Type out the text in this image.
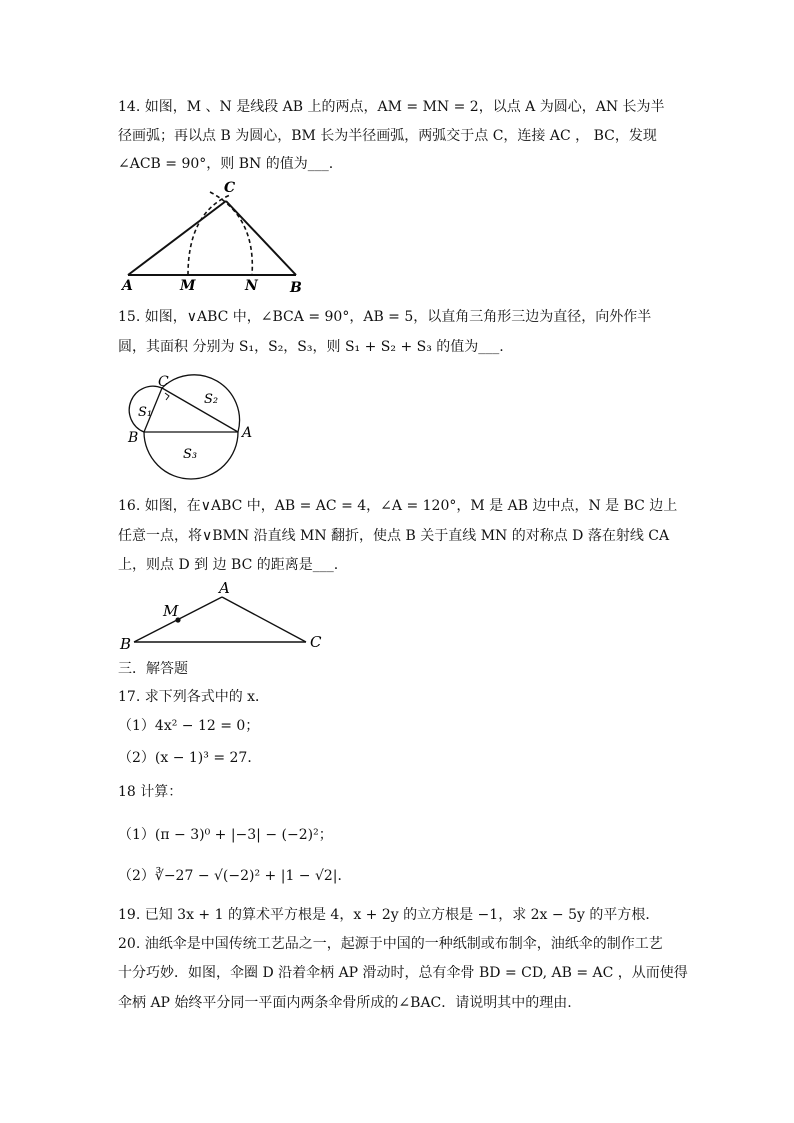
14. 如图，M 、N 是线段 AB 上的两点，AM = MN = 2，以点 A 为圆心，AN 长为半
径画弧；再以点 B 为圆心，BM 长为半径画弧，两弧交于点 C，连接 AC ， BC，发现
∠ACB = 90°，则 BN 的值为___.
A	M	N B
C
15. 如图，∨ABC 中，∠BCA = 90°，AB = 5，以直角三角形三边为直径，向外作半
圆，其面积 分别为 S₁，S₂，S₃，则 S₁ + S₂ + S₃ 的值为___.
C
B	A
S₁
S₂
S₃
16. 如图，在∨ABC 中，AB = AC = 4，∠A = 120°，M 是 AB 边中点，N 是 BC 边上
任意一点，将∨BMN 沿直线 MN 翻折，使点 B 关于直线 MN 的对称点 D 落在射线 CA
上，则点 D 到 边 BC 的距离是___.
A
M
B	C
三．解答题
17. 求下列各式中的 x．
（1）4x² − 12 = 0；
（2）(x − 1)³ = 27．
18 计算：
（1）(π − 3)⁰ + |−3| − (−2)²；
（2）∛−27 − √(−2)² + |1 − √2|．
19. 已知 3x + 1 的算术平方根是 4，x + 2y 的立方根是 −1，求 2x − 5y 的平方根．
20. 油纸伞是中国传统工艺品之一，起源于中国的一种纸制或布制伞，油纸伞的制作工艺
十分巧妙．如图，伞圈 D 沿着伞柄 AP 滑动时，总有伞骨 BD = CD, AB = AC ，从而使得
伞柄 AP 始终平分同一平面内两条伞骨所成的∠BAC．请说明其中的理由.
